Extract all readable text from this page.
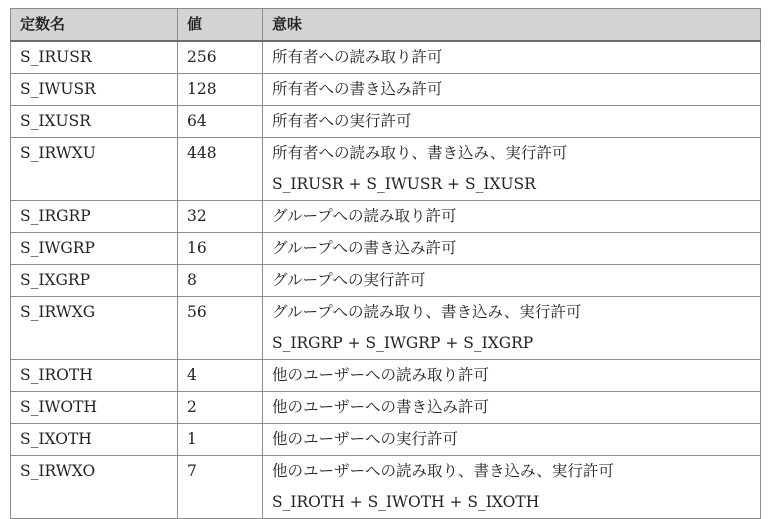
定数名	値	意味
S_IRUSR	256	所有者への読み取り許可

S_IWUSR	128	所有者への書き込み許可

S_IXUSR	64	所有者への実行許可

S_IRWXU	448	所有者への読み取り、書き込み、実行許可
S_IRUSR + S_IWUSR + S_IXUSR

S_IRGRP	32	グループへの読み取り許可

S_IWGRP	16	グループへの書き込み許可

S_IXGRP	8	グループへの実行許可

S_IRWXG	56	グループへの読み取り、書き込み、実行許可
S_IRGRP + S_IWGRP + S_IXGRP

S_IROTH	4	他のユーザーへの読み取り許可

S_IWOTH	2	他のユーザーへの書き込み許可

S_IXOTH	1	他のユーザーへの実行許可

S_IRWXO	7	他のユーザーへの読み取り、書き込み、実行許可
S_IROTH + S_IWOTH + S_IXOTH
